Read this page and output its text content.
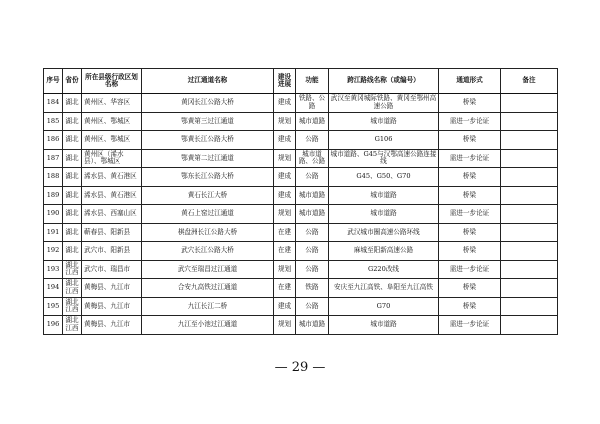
序号	省份	所在县级行政区划名称	过江通道名称	建设进展	功能	跨江路线名称（或编号）	通道形式	备注
184	湖北	黄州区、华容区	黄冈长江公路大桥	建成	铁路、公路	武汉至黄冈城际铁路、黄冈至鄂州高速公路	桥梁	
185	湖北	黄州区、鄂城区	鄂黄第三过江通道	规划	城市道路	城市道路	需进一步论证	
186	湖北	黄州区、鄂城区	鄂黄长江公路大桥	建成	公路	G106	桥梁	
187	湖北	黄州区（浠水县）、鄂城区	鄂黄第二过江通道	规划	城市道路、公路	城市道路、G45与汉鄂高速公路连接线	需进一步论证	
188	湖北	浠水县、黄石港区	鄂东长江公路大桥	建成	公路	G45、G50、G70	桥梁	
189	湖北	浠水县、黄石港区	黄石长江大桥	建成	城市道路	城市道路	桥梁	
190	湖北	浠水县、西塞山区	黄石上窑过江通道	规划	城市道路	城市道路	需进一步论证	
191	湖北	蕲春县、阳新县	棋盘洲长江公路大桥	在建	公路	武汉城市圈高速公路环线	桥梁	
192	湖北	武穴市、阳新县	武穴长江公路大桥	在建	公路	麻城至阳新高速公路	桥梁	
193	湖北江西	武穴市、瑞昌市	武穴至瑞昌过江通道	规划	公路	G220改线	需进一步论证	
194	湖北江西	黄梅县、九江市	合安九高铁过江通道	在建	铁路	安庆至九江高铁、阜阳至九江高铁	桥梁	
195	湖北江西	黄梅县、九江市	九江长江二桥	建成	公路	G70	桥梁	
196	湖北江西	黄梅县、九江市	九江至小池过江通道	规划	城市道路	城市道路	需进一步论证	
— 29 —
